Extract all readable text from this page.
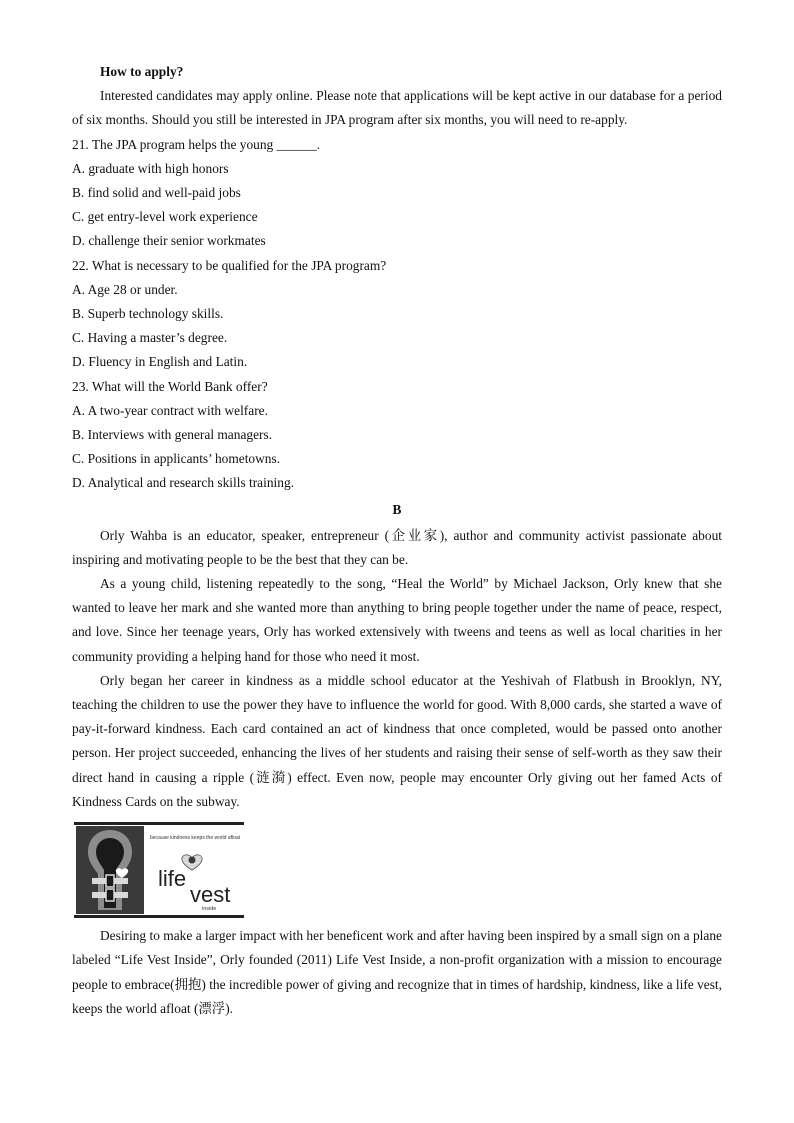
How to apply?

Interested candidates may apply online. Please note that applications will be kept active in our database for a period of six months. Should you still be interested in JPA program after six months, you will need to re-apply.

21. The JPA program helps the young ______.

A. graduate with high honors

B. find solid and well-paid jobs

C. get entry-level work experience

D. challenge their senior workmates

22. What is necessary to be qualified for the JPA program?

A. Age 28 or under.

B. Superb technology skills.

C. Having a master’s degree.

D. Fluency in English and Latin.

23. What will the World Bank offer?

A. A two-year contract with welfare.

B. Interviews with general managers.

C. Positions in applicants’ hometowns.

D. Analytical and research skills training.

B

Orly Wahba is an educator, speaker, entrepreneur (企业家), author and community activist passionate about inspiring and motivating people to be the best that they can be.

As a young child, listening repeatedly to the song, “Heal the World” by Michael Jackson, Orly knew that she wanted to leave her mark and she wanted more than anything to bring people together under the name of peace, respect, and love. Since her teenage years, Orly has worked extensively with tweens and teens as well as local charities in her community providing a helping hand for those who need it most.

Orly began her career in kindness as a middle school educator at the Yeshivah of Flatbush in Brooklyn, NY, teaching the children to use the power they have to influence the world for good. With 8,000 cards, she started a wave of pay-it-forward kindness. Each card contained an act of kindness that once completed, would be passed onto another person. Her project succeeded, enhancing the lives of her students and raising their sense of self-worth as they saw their direct hand in causing a ripple (涟漪) effect. Even now, people may encounter Orly giving out her famed Acts of Kindness Cards on the subway.

because kindness keeps the world afloat
life
vest
inside

Desiring to make a larger impact with her beneficent work and after having been inspired by a small sign on a plane labeled “Life Vest Inside”, Orly founded (2011) Life Vest Inside, a non-profit organization with a mission to encourage people to embrace(拥抱) the incredible power of giving and recognize that in times of hardship, kindness, like a life vest, keeps the world afloat (漂浮).
